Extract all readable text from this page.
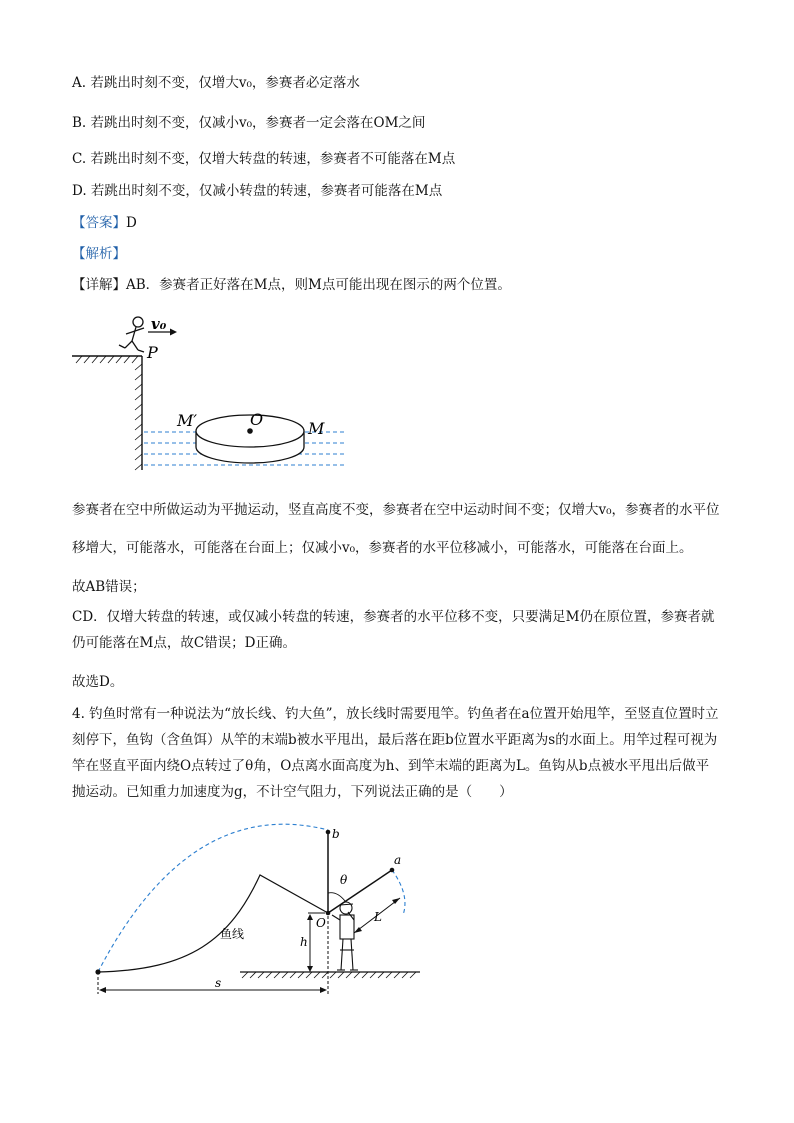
A. 若跳出时刻不变，仅增大v₀，参赛者必定落水
B. 若跳出时刻不变，仅减小v₀，参赛者一定会落在OM之间
C. 若跳出时刻不变，仅增大转盘的转速，参赛者不可能落在M点
D. 若跳出时刻不变，仅减小转盘的转速，参赛者可能落在M点
【答案】D
【解析】
【详解】AB．参赛者正好落在M点，则M点可能出现在图示的两个位置。
v₀
P
O
M′	M
参赛者在空中所做运动为平抛运动，竖直高度不变，参赛者在空中运动时间不变；仅增大v₀，参赛者的水平位移增大，可能落水，可能落在台面上；仅减小v₀，参赛者的水平位移减小，可能落水，可能落在台面上。
故AB错误；
CD．仅增大转盘的转速，或仅减小转盘的转速，参赛者的水平位移不变，只要满足M仍在原位置，参赛者就仍可能落在M点，故C错误；D正确。
故选D。
4. 钓鱼时常有一种说法为“放长线、钓大鱼”，放长线时需要甩竿。钓鱼者在a位置开始甩竿，至竖直位置时立刻停下，鱼钩（含鱼饵）从竿的末端b被水平甩出，最后落在距b位置水平距离为s的水面上。用竿过程可视为竿在竖直平面内绕O点转过了θ角，O点离水面高度为h、到竿末端的距离为L。鱼钩从b点被水平甩出后做平抛运动。已知重力加速度为g，不计空气阻力，下列说法正确的是（　　）
b
a
θ
O	L
h
s
鱼线
